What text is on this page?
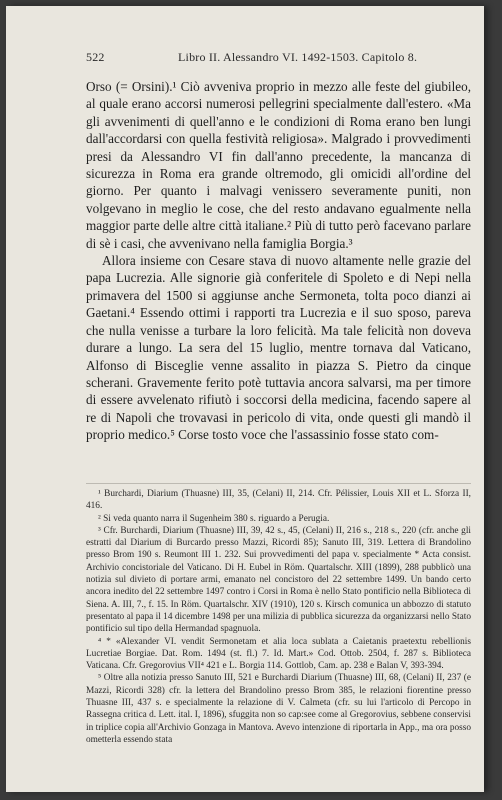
522	Libro II. Alessandro VI. 1492-1503. Capitolo 8.

Orso (= Orsini).¹ Ciò avveniva proprio in mezzo alle feste del giubileo, al quale erano accorsi numerosi pellegrini specialmente dall'estero. «Ma gli avvenimenti di quell'anno e le condizioni di Roma erano ben lungi dall'accordarsi con quella festività religiosa». Malgrado i provvedimenti presi da Alessandro VI fin dall'anno precedente, la mancanza di sicurezza in Roma era grande oltremodo, gli omicidi all'ordine del giorno. Per quanto i malvagi venissero severamente puniti, non volgevano in meglio le cose, che del resto andavano egualmente nella maggior parte delle altre città italiane.² Più di tutto però facevano parlare di sè i casi, che avvenivano nella famiglia Borgia.³

Allora insieme con Cesare stava di nuovo altamente nelle grazie del papa Lucrezia. Alle signorie già conferitele di Spoleto e di Nepi nella primavera del 1500 si aggiunse anche Sermoneta, tolta poco dianzi ai Gaetani.⁴ Essendo ottimi i rapporti tra Lucrezia e il suo sposo, pareva che nulla venisse a turbare la loro felicità. Ma tale felicità non doveva durare a lungo. La sera del 15 luglio, mentre tornava dal Vaticano, Alfonso di Bisceglie venne assalito in piazza S. Pietro da cinque scherani. Gravemente ferito potè tuttavia ancora salvarsi, ma per timore di essere avvelenato rifiutò i soccorsi della medicina, facendo sapere al re di Napoli che trovavasi in pericolo di vita, onde questi gli mandò il proprio medico.⁵ Corse tosto voce che l'assassinio fosse stato com-

¹ Burchardi, Diarium (Thuasne) III, 35, (Celani) II, 214. Cfr. Pélissier, Louis XII et L. Sforza II, 416.

² Si veda quanto narra il Sugenheim 380 s. riguardo a Perugia.

³ Cfr. Burchardi, Diarium (Thuasne) III, 39, 42 s., 45, (Celani) II, 216 s., 218 s., 220 (cfr. anche gli estratti dal Diarium di Burcardo presso Mazzi, Ricordi 85); Sanuto III, 319. Lettera di Brandolino presso Brom 190 s. Reumont III 1. 232. Sui provvedimenti del papa v. specialmente * Acta consist. Archivio concistoriale del Vaticano. Di H. Eubel in Röm. Quartalschr. XIII (1899), 288 pubblicò una notizia sul divieto di portare armi, emanato nel concistoro del 22 settembre 1499. Un bando certo ancora inedito del 22 settembre 1497 contro i Corsi in Roma è nello Stato pontificio nella Biblioteca di Siena. A. III, 7., f. 15. In Röm. Quartalschr. XIV (1910), 120 s. Kirsch comunica un abbozzo di statuto presentato al papa il 14 dicembre 1498 per una milizia di pubblica sicurezza da organizzarsi nello Stato pontificio sul tipo della Hermandad spagnuola.

⁴ * «Alexander VI. vendit Sermonetam et alia loca sublata a Caietanis praetextu rebellionis Lucretiae Borgiae. Dat. Rom. 1494 (st. fl.) 7. Id. Mart.» Cod. Ottob. 2504, f. 287 s. Biblioteca Vaticana. Cfr. Gregorovius VII⁴ 421 e L. Borgia 114. Gottlob, Cam. ap. 238 e Balan V, 393-394.

⁵ Oltre alla notizia presso Sanuto III, 521 e Burchardi Diarium (Thuasne) III, 68, (Celani) II, 237 (e Mazzi, Ricordi 328) cfr. la lettera del Brandolino presso Brom 385, le relazioni fiorentine presso Thuasne III, 437 s. e specialmente la relazione di V. Calmeta (cfr. su lui l'articolo di Percopo in Rassegna critica d. Lett. ital. I, 1896), sfuggita non so cap:see come al Gregorovius, sebbene conservisi in triplice copia all'Archivio Gonzaga in Mantova. Avevo intenzione di riportarla in App., ma ora posso ometterla essendo stata
